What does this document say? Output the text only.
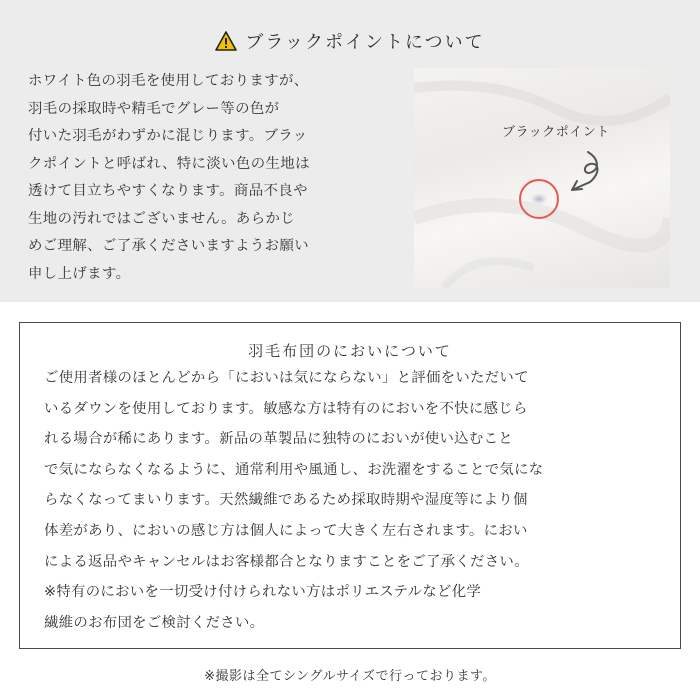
ブラックポイントについて
ホワイト色の羽毛を使用しておりますが、
羽毛の採取時や精毛でグレー等の色が
付いた羽毛がわずかに混じります。ブラッ
クポイントと呼ばれ、特に淡い色の生地は
透けて目立ちやすくなります。商品不良や
生地の汚れではございません。あらかじ
めご理解、ご了承くださいますようお願い
申し上げます。
ブラックポイント
羽毛布団のにおいについて
ご使用者様のほとんどから「においは気にならない」と評価をいただいて
いるダウンを使用しております。敏感な方は特有のにおいを不快に感じら
れる場合が稀にあります。新品の革製品に独特のにおいが使い込むこと
で気にならなくなるように、通常利用や風通し、お洗濯をすることで気にな
らなくなってまいります。天然繊維であるため採取時期や湿度等により個
体差があり、においの感じ方は個人によって大きく左右されます。におい
による返品やキャンセルはお客様都合となりますことをご了承ください。
※特有のにおいを一切受け付けられない方はポリエステルなど化学
繊維のお布団をご検討ください。
※撮影は全てシングルサイズで行っております。
